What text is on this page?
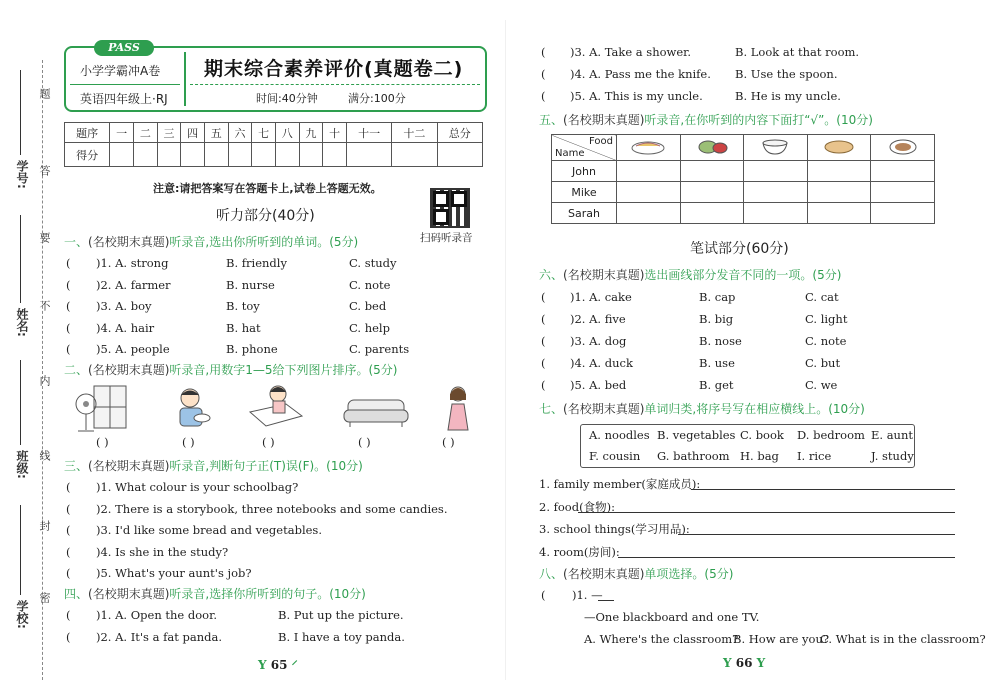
题
答
要
不
内
线
封
密
学号:
姓名:
班级:
学校:
PASS
小学学霸冲A卷
英语四年级上·RJ
期末综合素养评价(真题卷二)
时间:40分钟	满分:100分
题序	一	二	三	四	五	六	七	八	九	十	十一	十二	总分
得分													
注意:请把答案写在答题卡上,试卷上答题无效。
扫码听录音
听力部分(40分)
一、(名校期末真题)听录音,选出你所听到的单词。(5分)
二、(名校期末真题)听录音,用数字1—5给下列图片排序。(5分)
( )	( )	( )	( )	( )
三、(名校期末真题)听录音,判断句子正(T)误(F)。(10分)
四、(名校期末真题)听录音,选择你所听到的句子。(10分)
Y 65 ⸍
五、(名校期末真题)听录音,在你听到的内容下面打“√”。(10分)
Food
Name

John					
Mike					
Sarah					
笔试部分(60分)
六、(名校期末真题)选出画线部分发音不同的一项。(5分)
七、(名校期末真题)单词归类,将序号写在相应横线上。(10分)
八、(名校期末真题)单项选择。(5分)
( )1. —
—One blackboard and one TV.
A. Where's the classroom?
B. How are you?
C. What is in the classroom?
Y 66 Y
( )1. A. strong	B. friendly	C. study
( )2. A. farmer	B. nurse	C. note
( )3. A. boy	B. toy	C. bed
( )4. A. hair	B. hat	C. help
( )5. A. people	B. phone	C. parents
( )1. What colour is your schoolbag?
( )2. There is a storybook, three notebooks and some candies.
( )3. I'd like some bread and vegetables.
( )4. Is she in the study?
( )5. What's your aunt's job?
( )1. A. Open the door.	B. Put up the picture.
( )2. A. It's a fat panda.	B. I have a toy panda.
( )3. A. Take a shower.	B. Look at that room.
( )4. A. Pass me the knife. B. Use the spoon.
( )5. A. This is my uncle.	B. He is my uncle.
( )1. A. cake	B. cap	C. cat
( )2. A. five	B. big	C. light
( )3. A. dog	B. nose	C. note
( )4. A. duck	B. use	C. but
( )5. A. bed	B. get	C. we
A. noodles B. vegetables C. book D. bedroom E. aunt
F. cousin G. bathroom H. bag I. rice	J. study
1. family member(家庭成员):
2. food(食物):
3. school things(学习用品):
4. room(房间):
